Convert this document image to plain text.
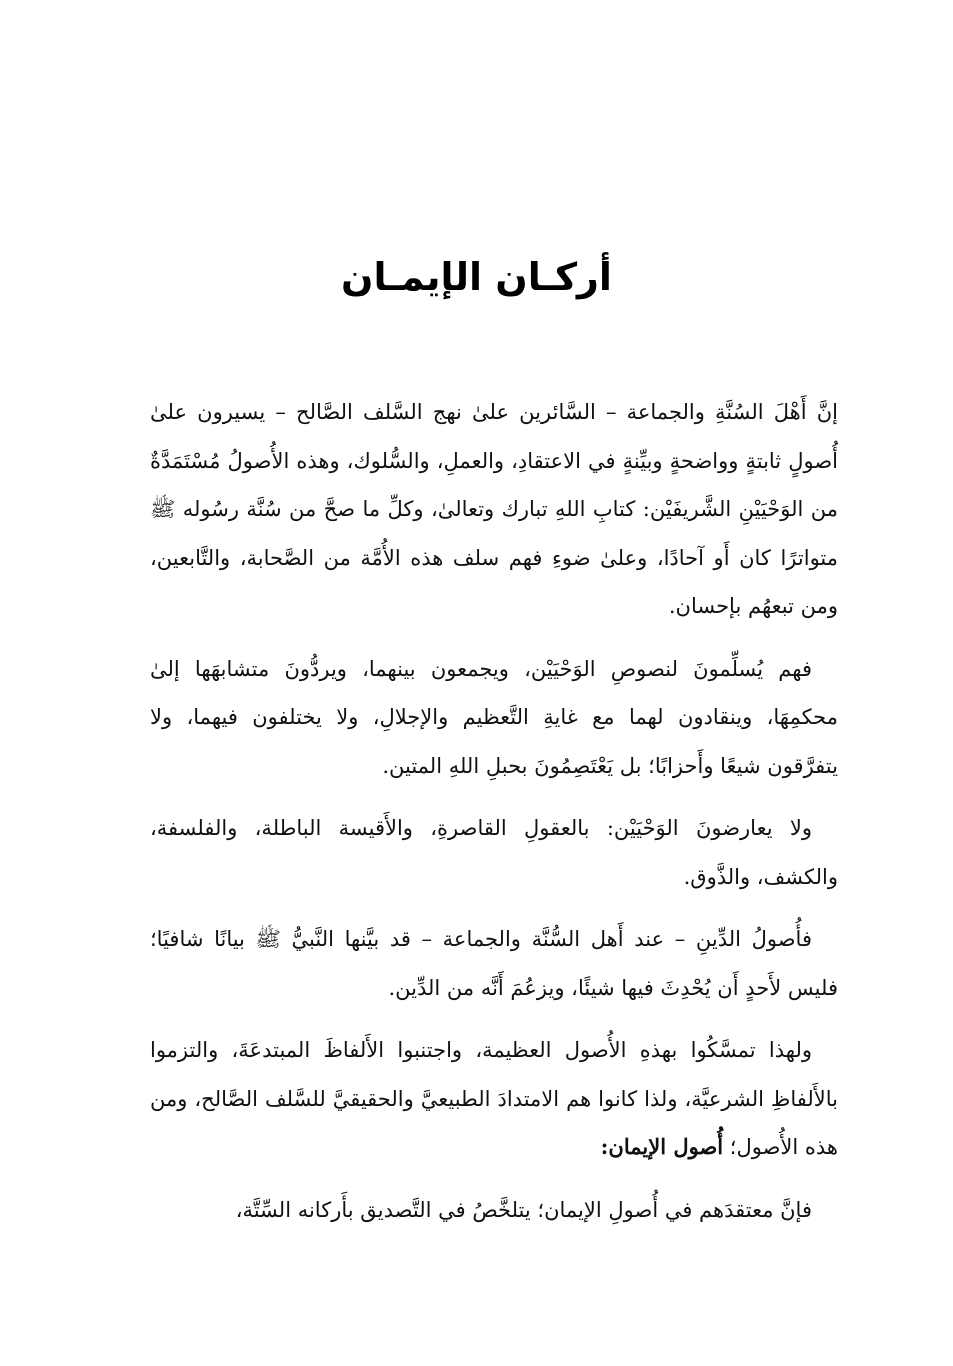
أركـان الإيمـان

إنَّ أَهْلَ السُنَّةِ والجماعة – السَّائرين علىٰ نهج السَّلف الصَّالح – يسيرون علىٰ أُصولٍ ثابتةٍ وواضحةٍ وبيِّنةٍ في الاعتقادِ، والعملِ، والسُّلوك، وهذه الأُصولُ مُسْتَمَدَّةٌ من الوَحْيَيْنِ الشَّريفَيْن: كتابِ اللهِ تبارك وتعالىٰ، وكلِّ ما صحَّ من سُنَّة رسُوله ﷺ متواترًا كان أَو آحادًا، وعلىٰ ضوءِ فهم سلف هذه الأُمَّة من الصَّحابة، والتَّابعين، ومن تبعهُم بإحسان.

فهم يُسلِّمونَ لنصوصِ الوَحْيَيْن، ويجمعون بينهما، ويردُّونَ متشابهَها إلىٰ محكمِهَا، وينقادون لهما مع غايةِ التَّعظيم والإجلالِ، ولا يختلفون فيهما، ولا يتفرَّقون شيعًا وأَحزابًا؛ بل يَعْتَصِمُونَ بحبلِ اللهِ المتين.

ولا يعارضونَ الوَحْيَيْن: بالعقولِ القاصرةِ، والأَقيسة الباطلة، والفلسفة، والكشف، والذَّوق.

فأُصولُ الدِّينِ – عند أَهل السُّنَّة والجماعة – قد بيَّنها النَّبيُّ ﷺ بيانًا شافيًا؛ فليس لأَحدٍ أَن يُحْدِثَ فيها شيئًا، ويزعُمَ أَنَّه من الدِّين.

ولهذا تمسَّكُوا بهذهِ الأُصول العظيمة، واجتنبوا الأَلفاظَ المبتدعَةَ، والتزموا بالأَلفاظِ الشرعيَّة، ولذا كانوا هم الامتدادَ الطبيعيَّ والحقيقيَّ للسَّلف الصَّالح، ومن هذه الأُصول؛ أُصول الإيمان:

فإنَّ معتقدَهم في أُصولِ الإيمان؛ يتلخَّصُ في التَّصديق بأَركانه السِّتَّة،
